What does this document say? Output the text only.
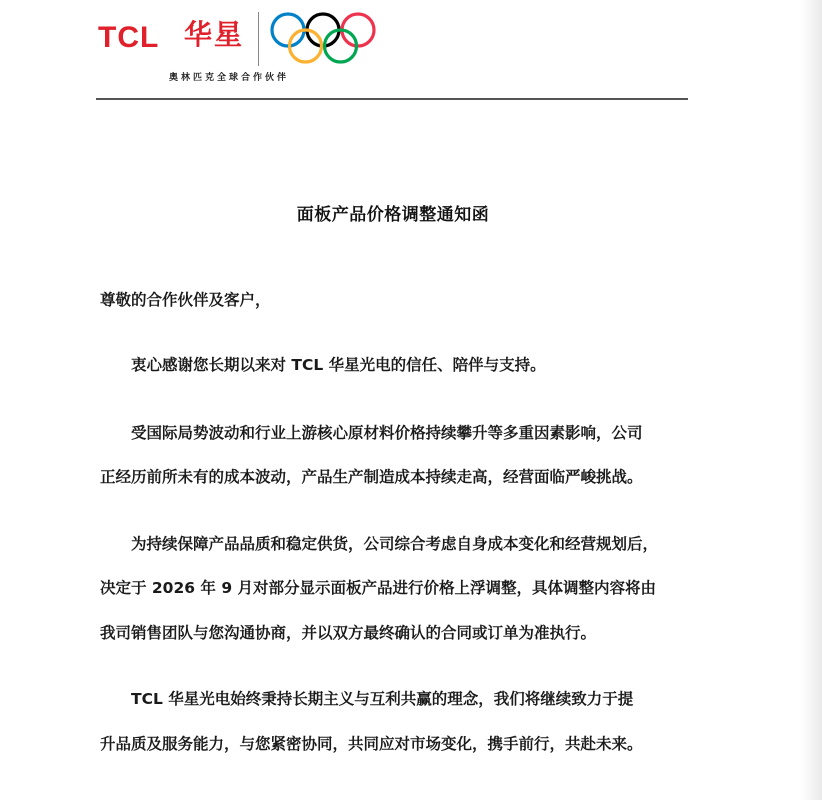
TCL 华星
奥林匹克全球合作伙伴
面板产品价格调整通知函
尊敬的合作伙伴及客户，
衷心感谢您长期以来对 TCL 华星光电的信任、陪伴与支持。
受国际局势波动和行业上游核心原材料价格持续攀升等多重因素影响，公司
正经历前所未有的成本波动，产品生产制造成本持续走高，经营面临严峻挑战。
为持续保障产品品质和稳定供货，公司综合考虑自身成本变化和经营规划后，
决定于 2026 年 9 月对部分显示面板产品进行价格上浮调整，具体调整内容将由
我司销售团队与您沟通协商，并以双方最终确认的合同或订单为准执行。
TCL 华星光电始终秉持长期主义与互利共赢的理念，我们将继续致力于提
升品质及服务能力，与您紧密协同，共同应对市场变化，携手前行，共赴未来。
